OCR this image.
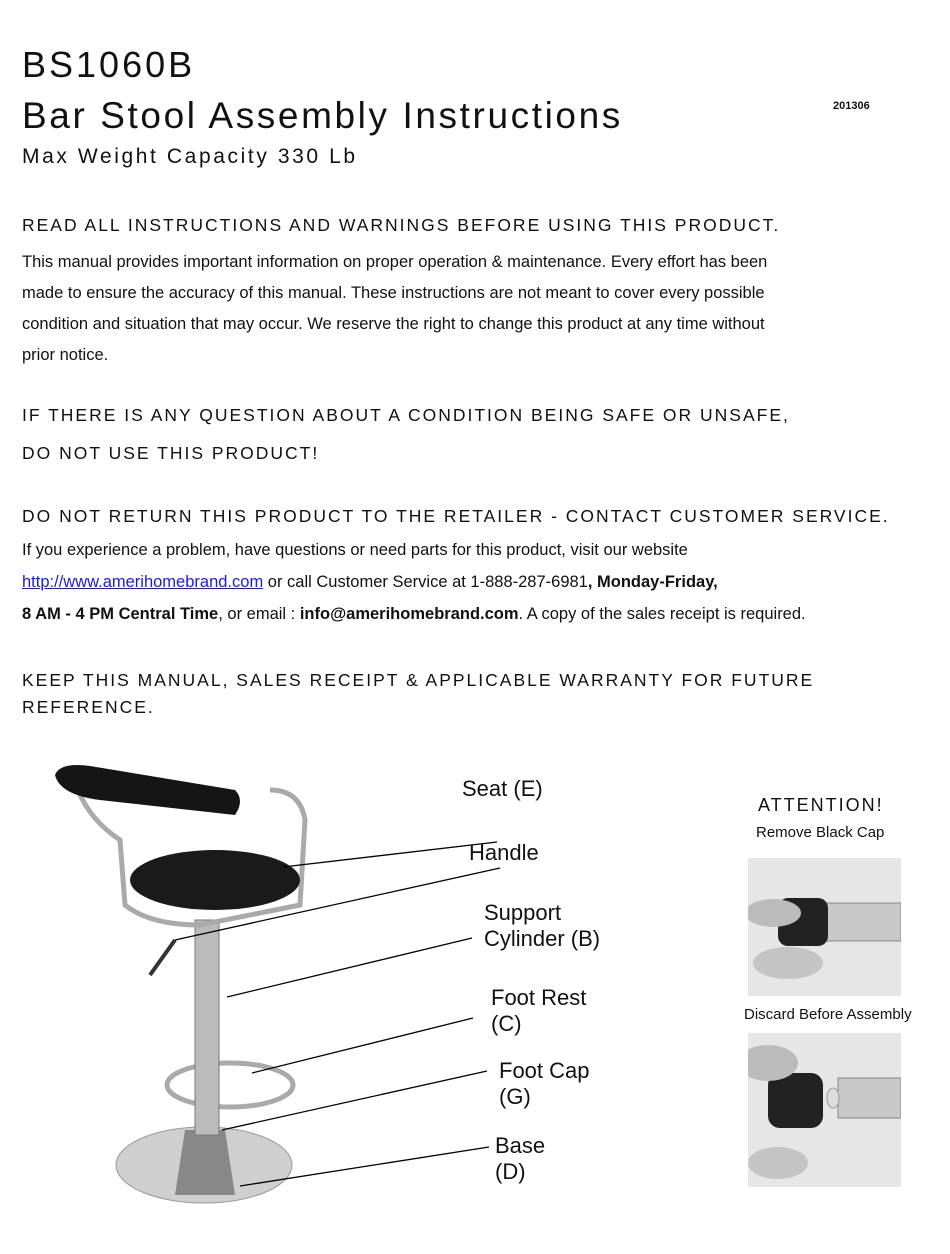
BS1060B
Bar Stool Assembly Instructions
Max Weight Capacity 330 Lb
201306
READ ALL INSTRUCTIONS AND WARNINGS BEFORE USING THIS PRODUCT.
This manual provides important information on proper operation & maintenance. Every effort has been
made to ensure the accuracy of this manual. These instructions are not meant to cover every possible
condition and situation that may occur. We reserve the right to change this product at any time without
prior notice.
IF THERE IS ANY QUESTION ABOUT A CONDITION BEING SAFE OR UNSAFE,
DO NOT USE THIS PRODUCT!
DO NOT RETURN THIS PRODUCT TO THE RETAILER - CONTACT CUSTOMER SERVICE.
If you experience a problem, have questions or need parts for this product, visit our website
http://www.amerihomebrand.com or call Customer Service at 1-888-287-6981, Monday-Friday,
8 AM - 4 PM Central Time, or email : info@amerihomebrand.com. A copy of the sales receipt is required.
KEEP THIS MANUAL, SALES RECEIPT & APPLICABLE WARRANTY FOR FUTURE
REFERENCE.
Seat (E)
Handle
Support
Cylinder (B)
Foot Rest
(C)
Foot Cap
(G)
Base
(D)
ATTENTION!
Remove Black Cap
Discard Before Assembly
